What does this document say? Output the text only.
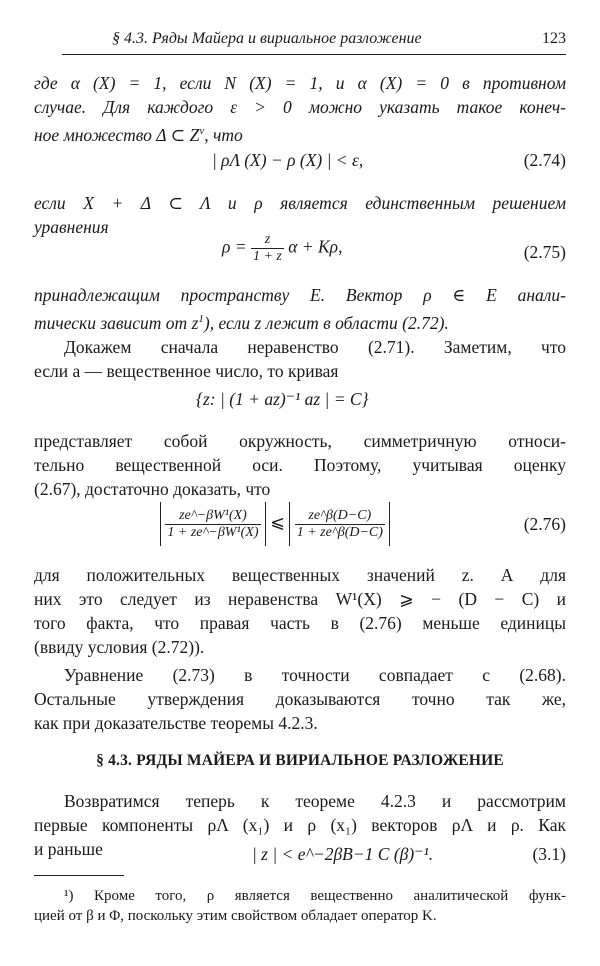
§ 4.3. Ряды Майера и вириальное разложение	123
где α (X) = 1, если N (X) = 1, и α (X) = 0 в противном
случае. Для каждого ε > 0 можно указать такое конеч-
ное множество Δ ⊂ $Z^\nu$, что
| ρΛ (X) − ρ (X) | < ε,	(2.74)
если X + Δ ⊂ Λ и ρ является единственным решением
уравнения
$\rho = \frac{z}{1 + z}$ α + Kρ,	(2.75)
принадлежащим пространству E. Вектор ρ ∈ E анали-
тически зависит от $z^1$), если z лежит в области (2.72).
Докажем сначала неравенство (2.71). Заметим, что
если a — вещественное число, то кривая
{z: | (1 + az)⁻¹ az | = C}
представляет собой окружность, симметричную относи-
тельно вещественной оси. Поэтому, учитывая оценку
(2.67), достаточно доказать, что

$\frac{\text{ze\textasciicircum{}−βW¹(X)}}{\text{1 + ze\textasciicircum{}−βW¹(X)}}$ ⩽ $\frac{ze\^{}\beta(D-C)}{1 + ze\^{}\beta(D-C)}$
	(2.76)
для положительных вещественных значений z. А для
них это следует из неравенства W¹(X) ⩾ − (D − C) и
того факта, что правая часть в (2.76) меньше единицы
(ввиду условия (2.72)).
Уравнение (2.73) в точности совпадает с (2.68).
Остальные утверждения доказываются точно так же,
как при доказательстве теоремы 4.2.3.
§ 4.3. РЯДЫ МАЙЕРА И ВИРИАЛЬНОЕ РАЗЛОЖЕНИЕ
Возвратимся теперь к теореме 4.2.3 и рассмотрим
первые компоненты ρΛ (x₁) и ρ (x₁) векторов ρΛ и ρ. Как
и раньше	| z | < e^−2βB−1 C (β)⁻¹.	(3.1)
¹) Кроме того, ρ является вещественно аналитической функ-
цией от β и Φ, поскольку этим свойством обладает оператор K.
